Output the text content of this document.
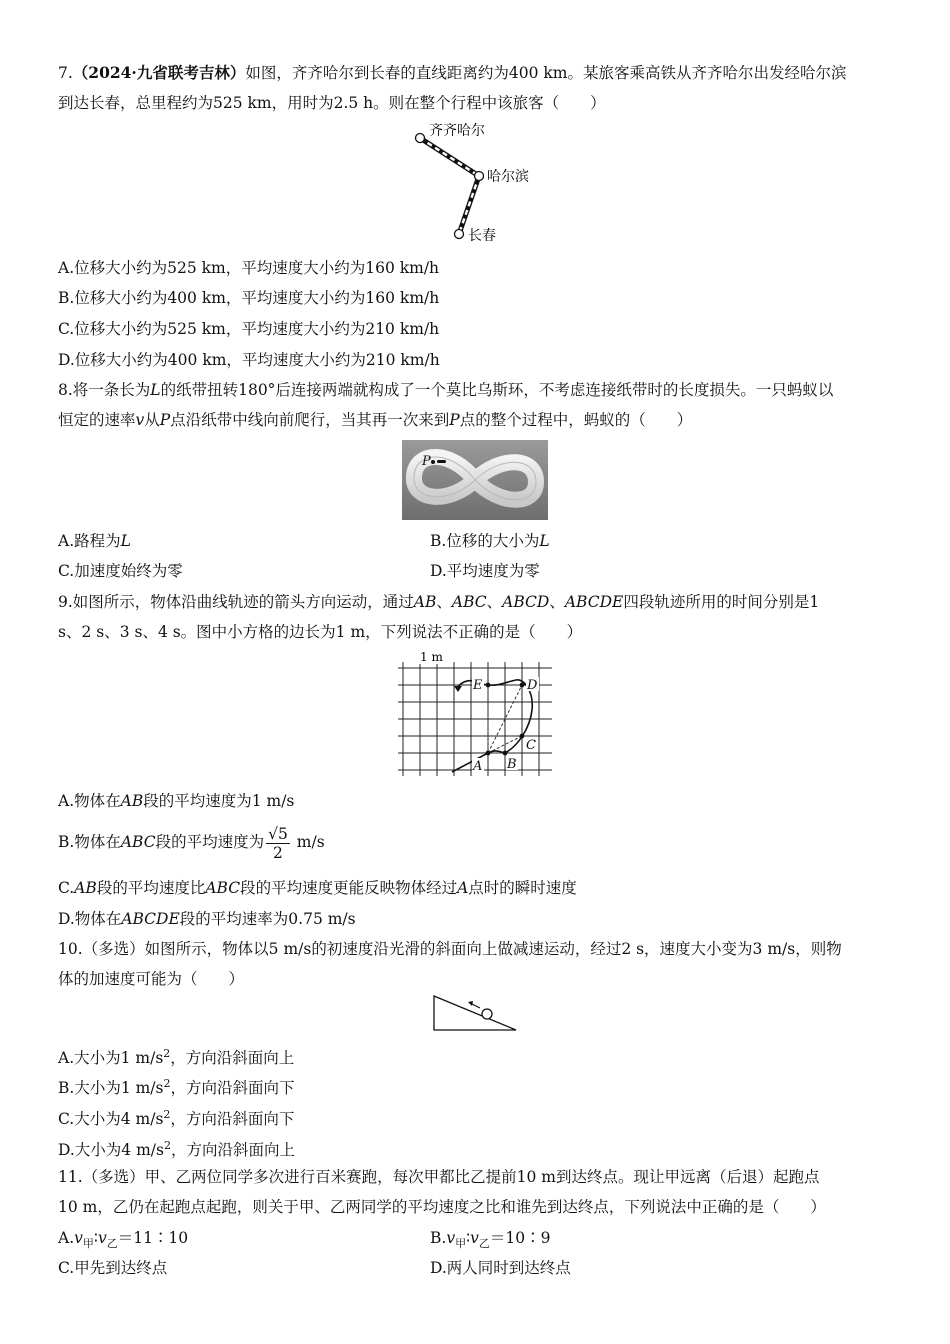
7.（2024·九省联考吉林）如图，齐齐哈尔到长春的直线距离约为400 km。某旅客乘高铁从齐齐哈尔出发经哈尔滨
到达长春，总里程约为525 km，用时为2.5 h。则在整个行程中该旅客（　　）
齐齐哈尔
哈尔滨
长春
A.位移大小约为525 km，平均速度大小约为160 km/h
B.位移大小约为400 km，平均速度大小约为160 km/h
C.位移大小约为525 km，平均速度大小约为210 km/h
D.位移大小约为400 km，平均速度大小约为210 km/h
8.将一条长为L的纸带扭转180°后连接两端就构成了一个莫比乌斯环，不考虑连接纸带时的长度损失。一只蚂蚁以
恒定的速率v从P点沿纸带中线向前爬行，当其再一次来到P点的整个过程中，蚂蚁的（　　）
P
A.路程为L	B.位移的大小为L
C.加速度始终为零	D.平均速度为零
9.如图所示，物体沿曲线轨迹的箭头方向运动，通过AB、ABC、ABCD、ABCDE四段轨迹所用的时间分别是1
s、2 s、3 s、4 s。图中小方格的边长为1 m，下列说法不正确的是（　　）
1 m
A B
C
D
E
A.物体在AB段的平均速度为1 m/s
B.物体在ABC段的平均速度为 $\frac{√5}{2} m/s$
C.AB段的平均速度比ABC段的平均速度更能反映物体经过A点时的瞬时速度
D.物体在ABCDE段的平均速率为0.75 m/s
10.（多选）如图所示，物体以5 m/s的初速度沿光滑的斜面向上做减速运动，经过2 s，速度大小变为3 m/s，则物
体的加速度可能为（　　）
A.大小为1 $m/s^2$，方向沿斜面向上
B.大小为1 $m/s^2$，方向沿斜面向下
C.大小为4 $m/s^2$，方向沿斜面向下
D.大小为4 $m/s^2$，方向沿斜面向上
11.（多选）甲、乙两位同学多次进行百米赛跑，每次甲都比乙提前10 m到达终点。现让甲远离（后退）起跑点
10 m，乙仍在起跑点起跑，则关于甲、乙两同学的平均速度之比和谁先到达终点，下列说法中正确的是（　　）
$A.v_甲∶v_乙=11∶10$	$B.v_甲∶v_乙=10∶9$
C.甲先到达终点	D.两人同时到达终点
